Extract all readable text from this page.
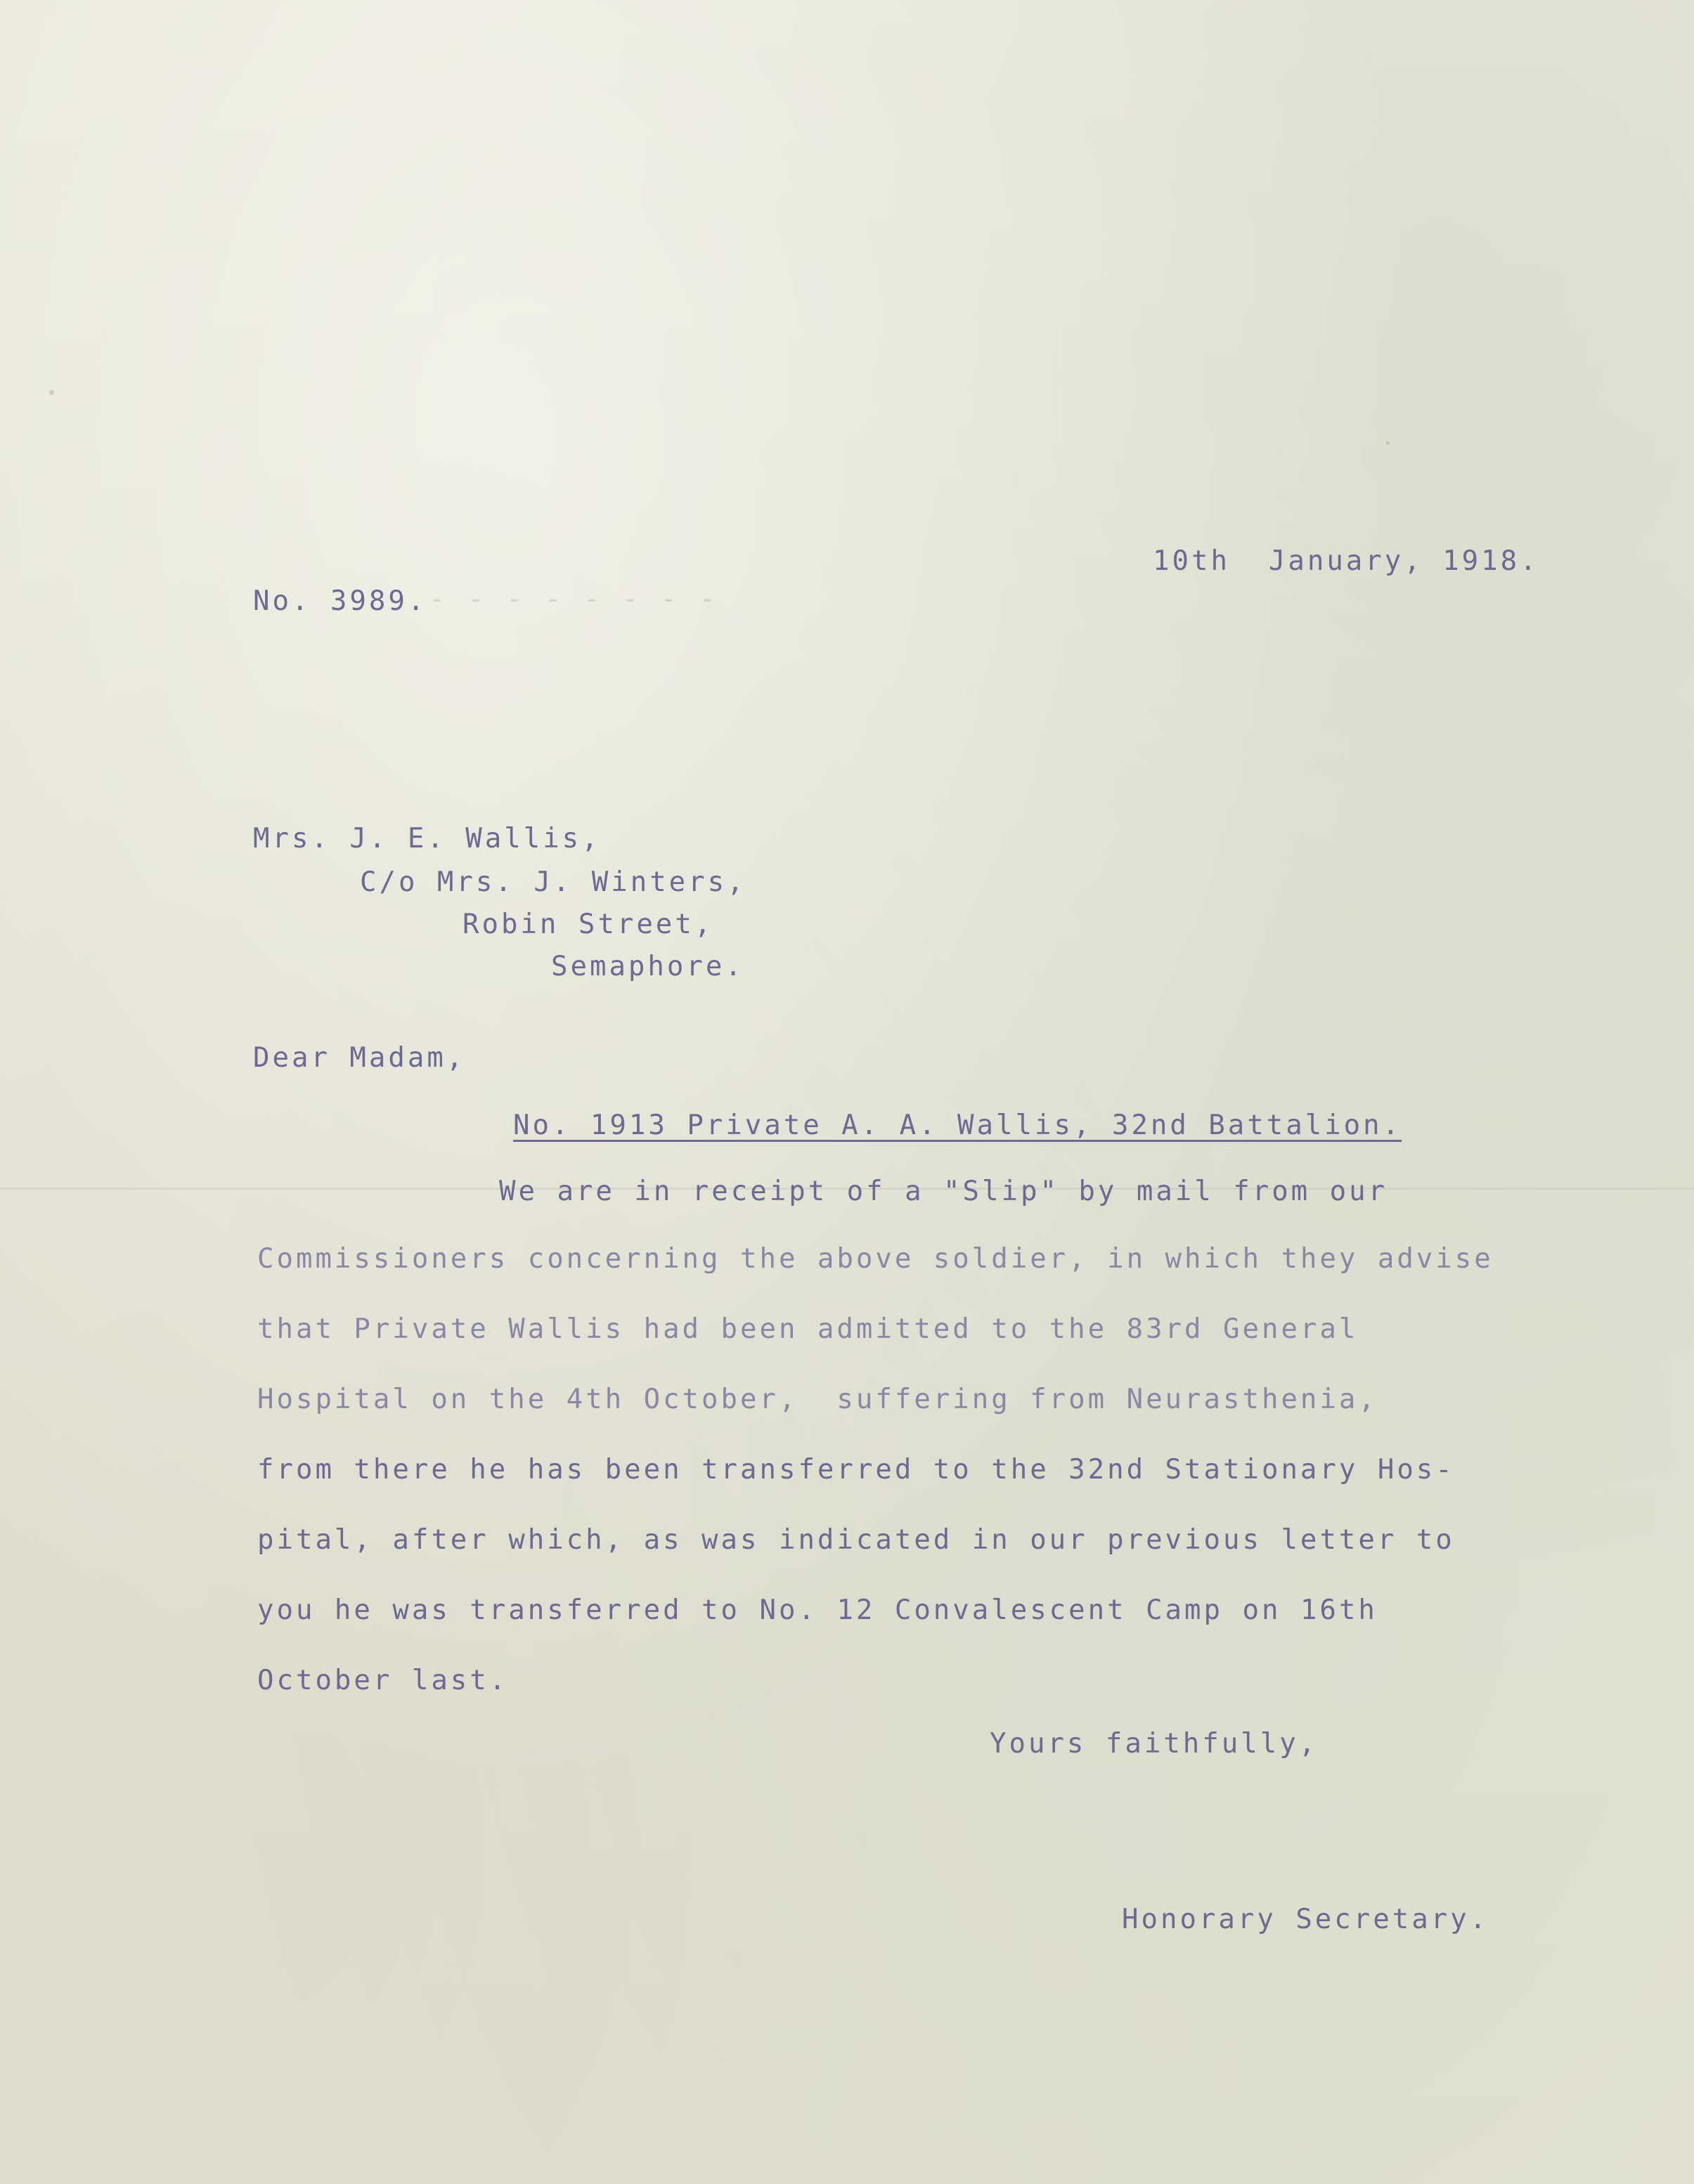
- - - - - - - -
10th  January, 1918.
No. 3989.
Mrs. J. E. Wallis,
C/o Mrs. J. Winters,
Robin Street,
Semaphore.
Dear Madam,
No. 1913 Private A. A. Wallis, 32nd Battalion.
We are in receipt of a "Slip" by mail from our
Commissioners concerning the above soldier, in which they advise
that Private Wallis had been admitted to the 83rd General
Hospital on the 4th October,  suffering from Neurasthenia,
from there he has been transferred to the 32nd Stationary Hos-
pital, after which, as was indicated in our previous letter to
you he was transferred to No. 12 Convalescent Camp on 16th
October last.
Yours faithfully,
Honorary Secretary.
